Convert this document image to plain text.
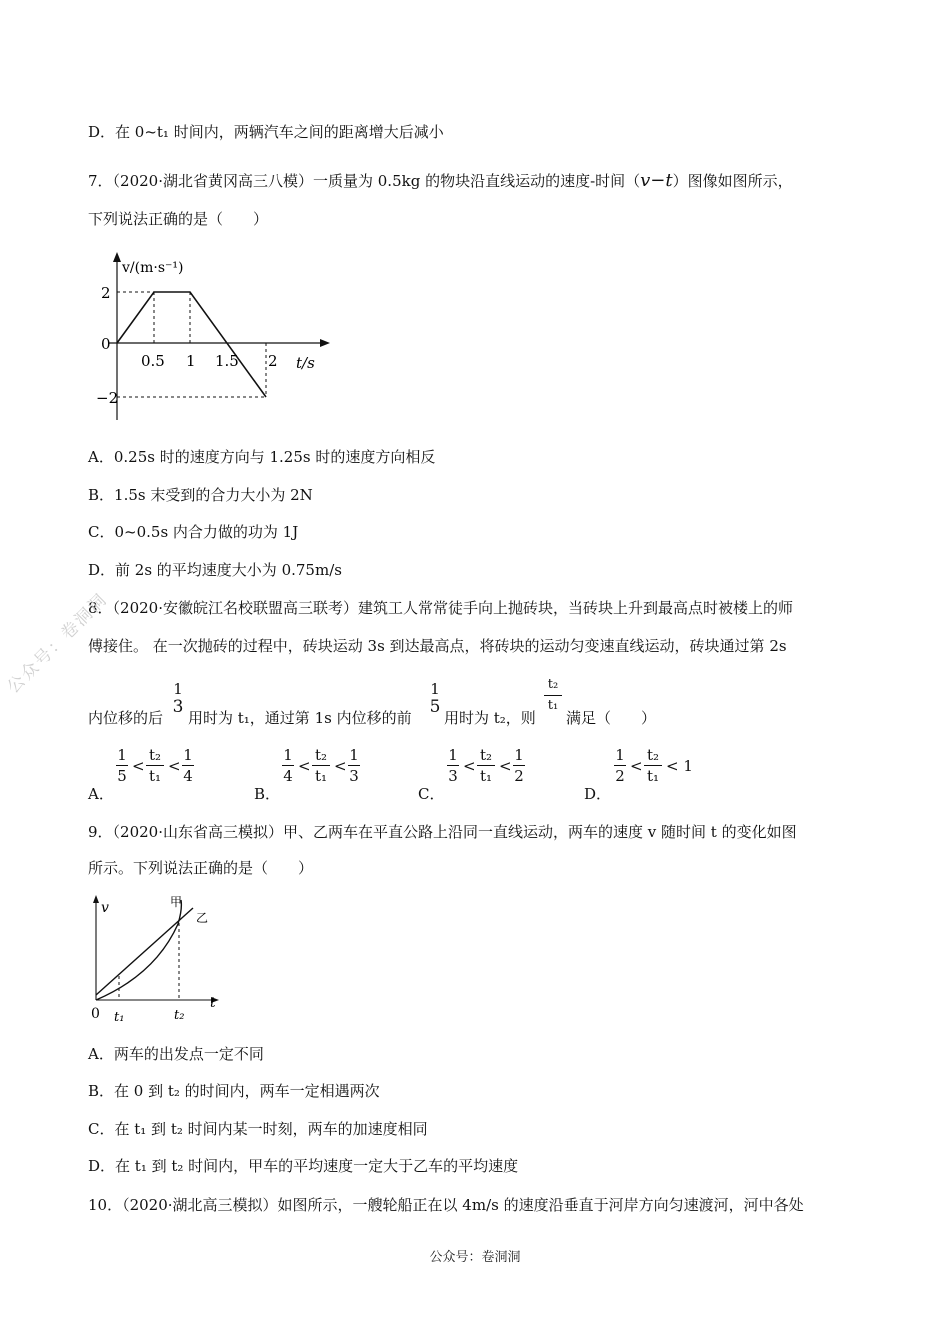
D．在 0~t₁ 时间内，两辆汽车之间的距离增大后减小
7．（2020·湖北省黄冈高三八模）一质量为 0.5kg 的物块沿直线运动的速度-时间（v−t）图像如图所示，
下列说法正确的是（　　）
v/(m·s⁻¹)
t/s
2
0
−2
0.5 1 1.5 2
A．0.25s 时的速度方向与 1.25s 时的速度方向相反
B．1.5s 末受到的合力大小为 2N
C．0~0.5s 内合力做的功为 1J
D．前 2s 的平均速度大小为 0.75m/s
8．（2020·安徽皖江名校联盟高三联考）建筑工人常常徒手向上抛砖块，当砖块上升到最高点时被楼上的师
傅接住。 在一次抛砖的过程中，砖块运动 3s 到达最高点，将砖块的运动匀变速直线运动，砖块通过第 2s
内位移的后
1
3
用时为 t₁，通过第 1s 内位移的前
1
5
用时为 t₂，则
t₂
t₁
满足（　　）
A．
1
5
<
t₂
t₁
<
1
4
B．
1
4
<
t₂
t₁
<
1
3
C．
1
3
<
t₂
t₁
<
1
2
D．
1
2
<
t₂
t₁
< 1
9．（2020·山东省高三模拟）甲、乙两车在平直公路上沿同一直线运动，两车的速度 v 随时间 t 的变化如图
所示。下列说法正确的是（　　）
v
t
0 t₁	t₂
甲
乙
A．两车的出发点一定不同
B．在 0 到 t₂ 的时间内，两车一定相遇两次
C．在 t₁ 到 t₂ 时间内某一时刻，两车的加速度相同
D．在 t₁ 到 t₂ 时间内，甲车的平均速度一定大于乙车的平均速度
10．（2020·湖北高三模拟）如图所示，一艘轮船正在以 4m/s 的速度沿垂直于河岸方向匀速渡河，河中各处
公众号：卷洞洞
公众号：卷洞洞
